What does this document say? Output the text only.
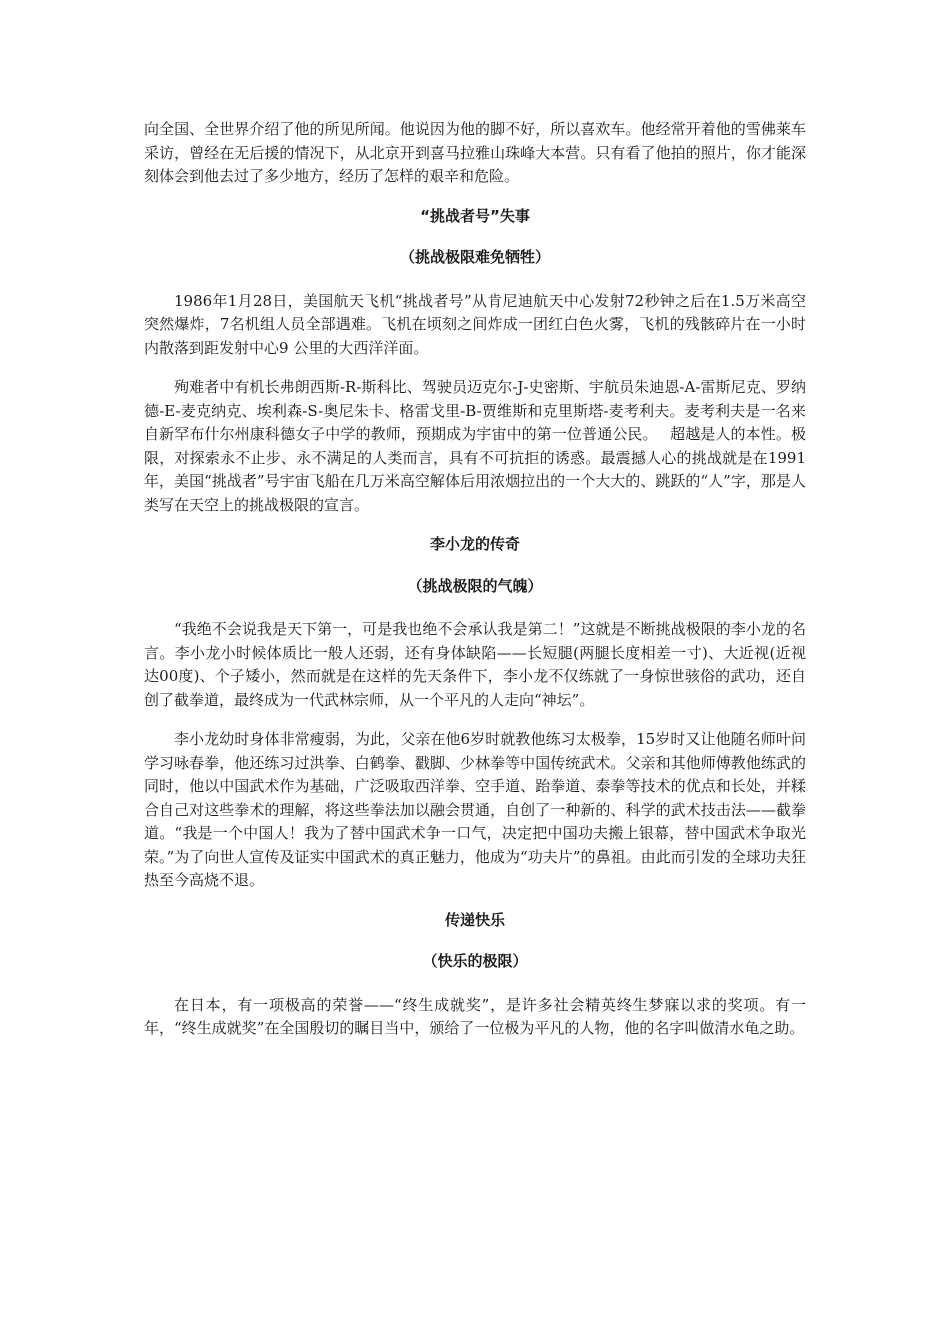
向全国、全世界介绍了他的所见所闻。他说因为他的脚不好，所以喜欢车。他经常开着他的雪佛莱车采访，曾经在无后援的情况下，从北京开到喜马拉雅山珠峰大本营。只有看了他拍的照片，你才能深刻体会到他去过了多少地方，经历了怎样的艰辛和危险。

“挑战者号”失事

（挑战极限难免牺牲）

1986年1月28日，美国航天飞机“挑战者号”从肯尼迪航天中心发射72秒钟之后在1.5万米高空突然爆炸，7名机组人员全部遇难。飞机在顷刻之间炸成一团红白色火雾，飞机的残骸碎片在一小时内散落到距发射中心9 公里的大西洋洋面。

殉难者中有机长弗朗西斯-R-斯科比、驾驶员迈克尔-J-史密斯、宇航员朱迪恩-A-雷斯尼克、罗纳德-E-麦克纳克、埃利森-S-奥尼朱卡、格雷戈里-B-贾维斯和克里斯塔-麦考利夫。麦考利夫是一名来自新罕布什尔州康科德女子中学的教师，预期成为宇宙中的第一位普通公民。　 超越是人的本性。极限，对探索永不止步、永不满足的人类而言，具有不可抗拒的诱惑。最震撼人心的挑战就是在1991年，美国“挑战者”号宇宙飞船在几万米高空解体后用浓烟拉出的一个大大的、跳跃的“人”字，那是人类写在天空上的挑战极限的宣言。

李小龙的传奇

（挑战极限的气魄）

“我绝不会说我是天下第一，可是我也绝不会承认我是第二！”这就是不断挑战极限的李小龙的名言。李小龙小时候体质比一般人还弱，还有身体缺陷——长短腿(两腿长度相差一寸)、大近视(近视达00度)、个子矮小，然而就是在这样的先天条件下，李小龙不仅练就了一身惊世骇俗的武功，还自创了截拳道，最终成为一代武林宗师，从一个平凡的人走向“神坛”。

李小龙幼时身体非常瘦弱，为此，父亲在他6岁时就教他练习太极拳，15岁时又让他随名师叶问学习咏春拳，他还练习过洪拳、白鹤拳、戳脚、少林拳等中国传统武术。父亲和其他师傅教他练武的同时，他以中国武术作为基础，广泛吸取西洋拳、空手道、跆拳道、泰拳等技术的优点和长处，并糅合自己对这些拳术的理解，将这些拳法加以融会贯通，自创了一种新的、科学的武术技击法——截拳道。“我是一个中国人！我为了替中国武术争一口气，决定把中国功夫搬上银幕，替中国武术争取光荣。”为了向世人宣传及证实中国武术的真正魅力，他成为“功夫片”的鼻祖。由此而引发的全球功夫狂热至今高烧不退。

传递快乐

（快乐的极限）

在日本，有一项极高的荣誉——“终生成就奖”，是许多社会精英终生梦寐以求的奖项。有一年，“终生成就奖”在全国殷切的瞩目当中，颁给了一位极为平凡的人物，他的名字叫做清水龟之助。
